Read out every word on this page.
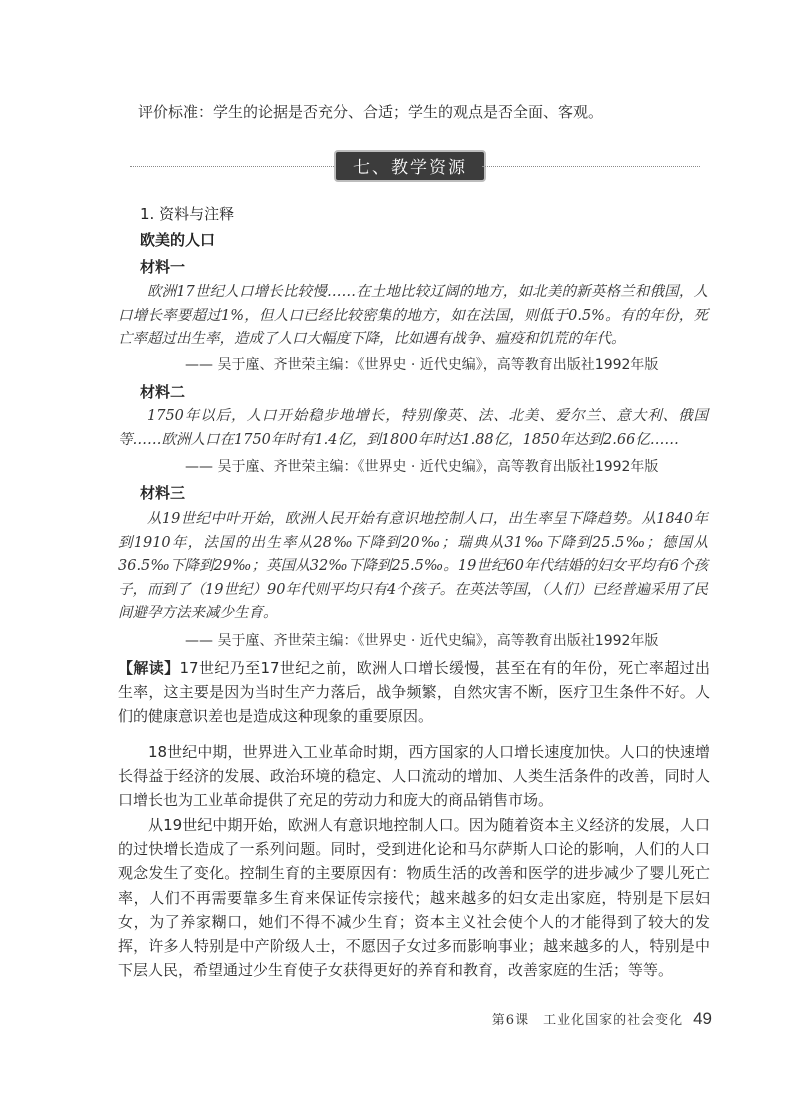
评价标准：学生的论据是否充分、合适；学生的观点是否全面、客观。

七、教学资源
1. 资料与注释
欧美的人口
材料一

欧洲17世纪人口增长比较慢……在土地比较辽阔的地方，如北美的新英格兰和俄国，人口增长率要超过1%，但人口已经比较密集的地方，如在法国，则低于0.5%。有的年份，死亡率超过出生率，造成了人口大幅度下降，比如遇有战争、瘟疫和饥荒的年代。

—— 吴于廑、齐世荣主编：《世界史 · 近代史编》，高等教育出版社1992年版

材料二

1750年以后，人口开始稳步地增长，特别像英、法、北美、爱尔兰、意大利、俄国等……欧洲人口在1750年时有1.4亿，到1800年时达1.88亿，1850年达到2.66亿……

—— 吴于廑、齐世荣主编：《世界史 · 近代史编》，高等教育出版社1992年版

材料三

从19世纪中叶开始，欧洲人民开始有意识地控制人口，出生率呈下降趋势。从1840年到1910年，法国的出生率从28‰下降到20‰；瑞典从31‰下降到25.5‰；德国从36.5‰下降到29‰；英国从32‰下降到25.5‰。19世纪60年代结婚的妇女平均有6个孩子，而到了（19世纪）90年代则平均只有4个孩子。在英法等国，（人们）已经普遍采用了民间避孕方法来减少生育。

—— 吴于廑、齐世荣主编：《世界史 · 近代史编》，高等教育出版社1992年版

【解读】17世纪乃至17世纪之前，欧洲人口增长缓慢，甚至在有的年份，死亡率超过出生率，这主要是因为当时生产力落后，战争频繁，自然灾害不断，医疗卫生条件不好。人们的健康意识差也是造成这种现象的重要原因。

18世纪中期，世界进入工业革命时期，西方国家的人口增长速度加快。人口的快速增长得益于经济的发展、政治环境的稳定、人口流动的增加、人类生活条件的改善，同时人口增长也为工业革命提供了充足的劳动力和庞大的商品销售市场。

从19世纪中期开始，欧洲人有意识地控制人口。因为随着资本主义经济的发展，人口的过快增长造成了一系列问题。同时，受到进化论和马尔萨斯人口论的影响，人们的人口观念发生了变化。控制生育的主要原因有：物质生活的改善和医学的进步减少了婴儿死亡率，人们不再需要靠多生育来保证传宗接代；越来越多的妇女走出家庭，特别是下层妇女，为了养家糊口，她们不得不减少生育；资本主义社会使个人的才能得到了较大的发挥，许多人特别是中产阶级人士，不愿因子女过多而影响事业；越来越多的人，特别是中下层人民，希望通过少生育使子女获得更好的养育和教育，改善家庭的生活；等等。

第6课　工业化国家的社会变化 49
